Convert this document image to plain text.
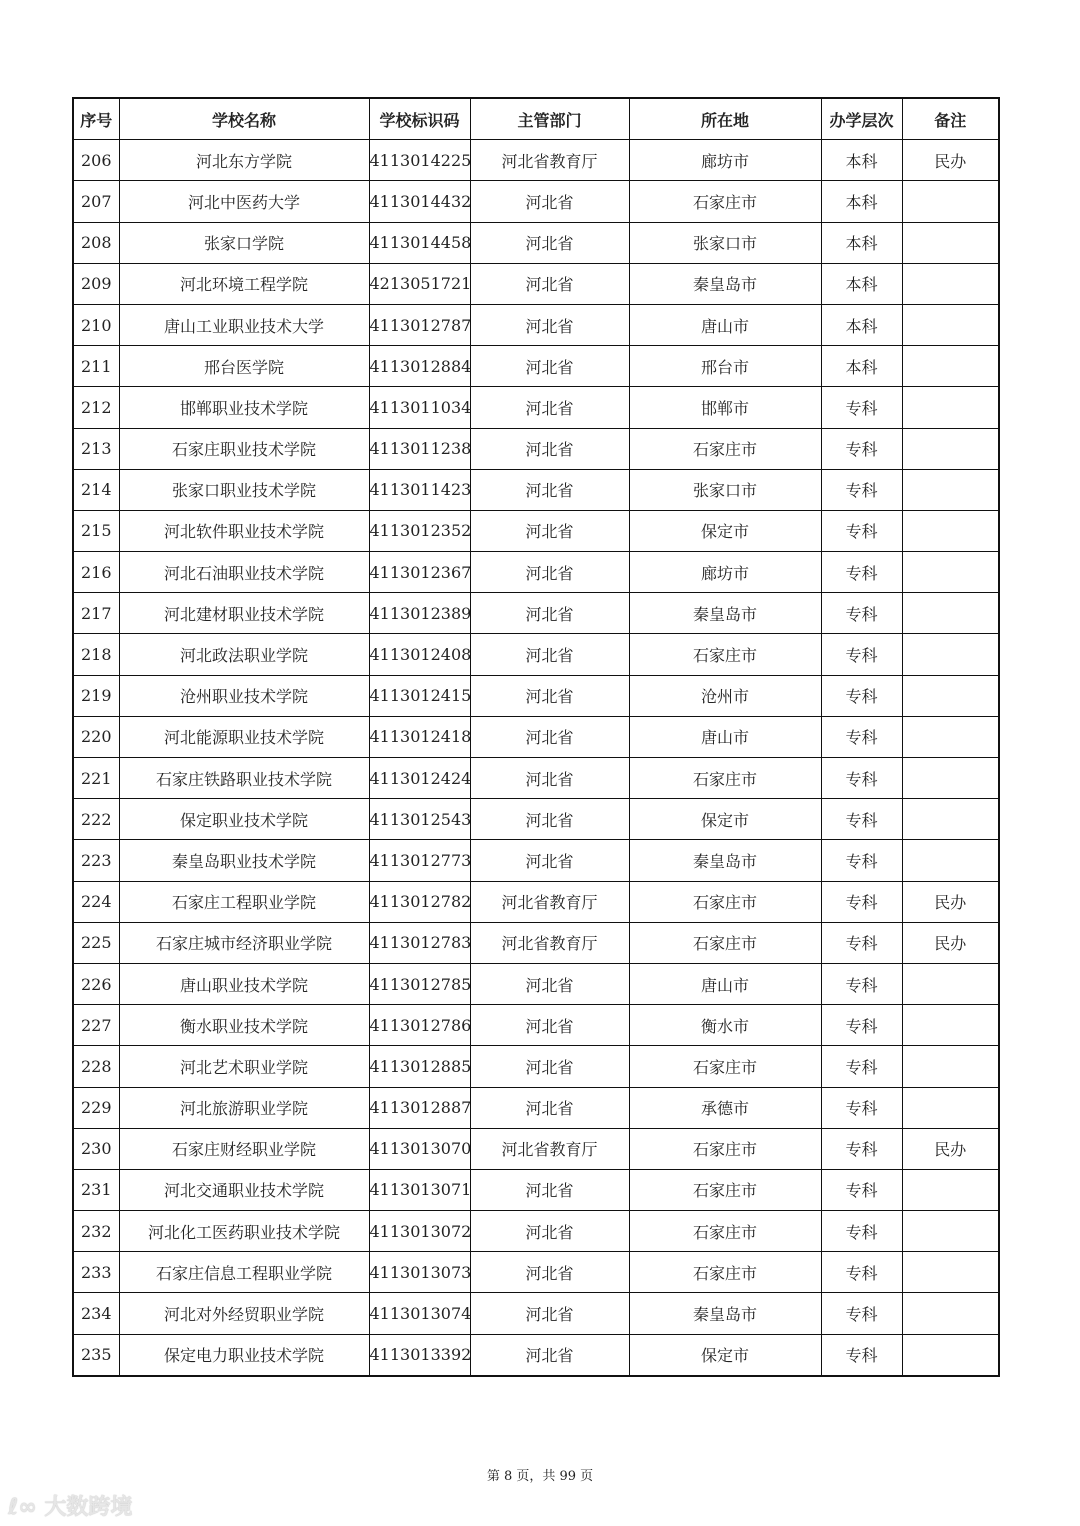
序号	学校名称	学校标识码	主管部门	所在地	办学层次	备注
206	河北东方学院	4113014225	河北省教育厅	廊坊市	本科	民办
207	河北中医药大学	4113014432	河北省	石家庄市	本科	
208	张家口学院	4113014458	河北省	张家口市	本科	
209	河北环境工程学院	4213051721	河北省	秦皇岛市	本科	
210	唐山工业职业技术大学	4113012787	河北省	唐山市	本科	
211	邢台医学院	4113012884	河北省	邢台市	本科	
212	邯郸职业技术学院	4113011034	河北省	邯郸市	专科	
213	石家庄职业技术学院	4113011238	河北省	石家庄市	专科	
214	张家口职业技术学院	4113011423	河北省	张家口市	专科	
215	河北软件职业技术学院	4113012352	河北省	保定市	专科	
216	河北石油职业技术学院	4113012367	河北省	廊坊市	专科	
217	河北建材职业技术学院	4113012389	河北省	秦皇岛市	专科	
218	河北政法职业学院	4113012408	河北省	石家庄市	专科	
219	沧州职业技术学院	4113012415	河北省	沧州市	专科	
220	河北能源职业技术学院	4113012418	河北省	唐山市	专科	
221	石家庄铁路职业技术学院	4113012424	河北省	石家庄市	专科	
222	保定职业技术学院	4113012543	河北省	保定市	专科	
223	秦皇岛职业技术学院	4113012773	河北省	秦皇岛市	专科	
224	石家庄工程职业学院	4113012782	河北省教育厅	石家庄市	专科	民办
225	石家庄城市经济职业学院	4113012783	河北省教育厅	石家庄市	专科	民办
226	唐山职业技术学院	4113012785	河北省	唐山市	专科	
227	衡水职业技术学院	4113012786	河北省	衡水市	专科	
228	河北艺术职业学院	4113012885	河北省	石家庄市	专科	
229	河北旅游职业学院	4113012887	河北省	承德市	专科	
230	石家庄财经职业学院	4113013070	河北省教育厅	石家庄市	专科	民办
231	河北交通职业技术学院	4113013071	河北省	石家庄市	专科	
232	河北化工医药职业技术学院	4113013072	河北省	石家庄市	专科	
233	石家庄信息工程职业学院	4113013073	河北省	石家庄市	专科	
234	河北对外经贸职业学院	4113013074	河北省	秦皇岛市	专科	
235	保定电力职业技术学院	4113013392	河北省	保定市	专科	
第 8 页，共 99 页
ℓ∞ 大数跨境
